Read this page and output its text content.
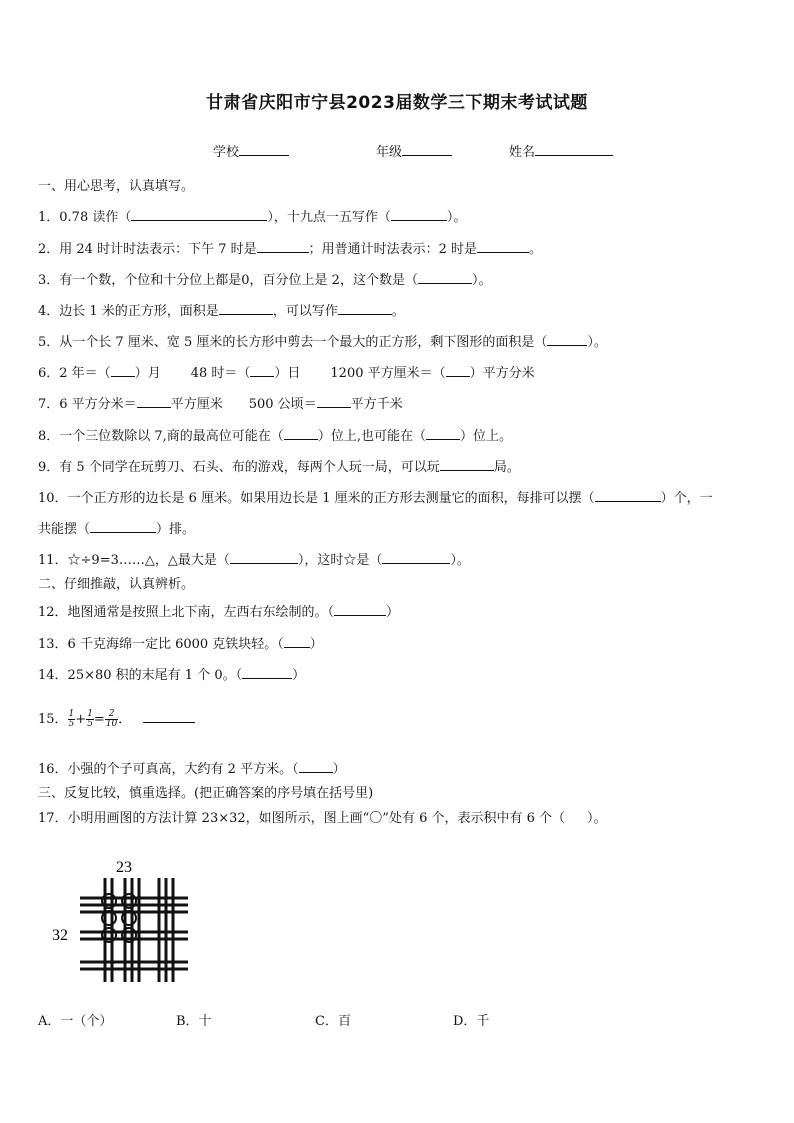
甘肃省庆阳市宁县2023届数学三下期末考试试题
学校	年级	姓名
一、用心思考，认真填写。
1．0.78 读作（	），十九点一五写作（	）。
2．用 24 时计时法表示：下午 7 时是	；用普通计时法表示：2 时是	。
3．有一个数，个位和十分位上都是0，百分位上是 2，这个数是（	）。
4．边长 1 米的正方形，面积是	，可以写作	。
5．从一个长 7 厘米、宽 5 厘米的长方形中剪去一个最大的正方形，剩下图形的面积是（	）。
6．2 年＝（ ）月 48 时＝（ ）日 1200 平方厘米＝（ ）平方分米
7．6 平方分米＝	平方厘米 500 公顷＝	平方千米
8．一个三位数除以 7,商的最高位可能在（	）位上,也可能在（	）位上。
9．有 5 个同学在玩剪刀、石头、布的游戏，每两个人玩一局，可以玩	局。
10．一个正方形的边长是 6 厘米。如果用边长是 1 厘米的正方形去测量它的面积，每排可以摆（	）个，一
共能摆（	）排。
11．☆÷9=3……△，△最大是（	），这时☆是（	）。
二、仔细推敲，认真辨析。
12．地图通常是按照上北下南，左西右东绘制的。（	）
13．6 千克海绵一定比 6000 克铁块轻。（ ）
14．25×80 积的末尾有 1 个 0。（	）
15． $\frac{1}{5} + \frac{1}{5} = \frac{2}{10}$ ．
16．小强的个子可真高，大约有 2 平方米。（	）
三、反复比较，慎重选择。(把正确答案的序号填在括号里)
17．小明用画图的方法计算 23×32，如图所示，图上画“〇”处有 6 个，表示积中有 6 个（ ）。
23
32
A．一（个）	B．十	C．百	D．千
